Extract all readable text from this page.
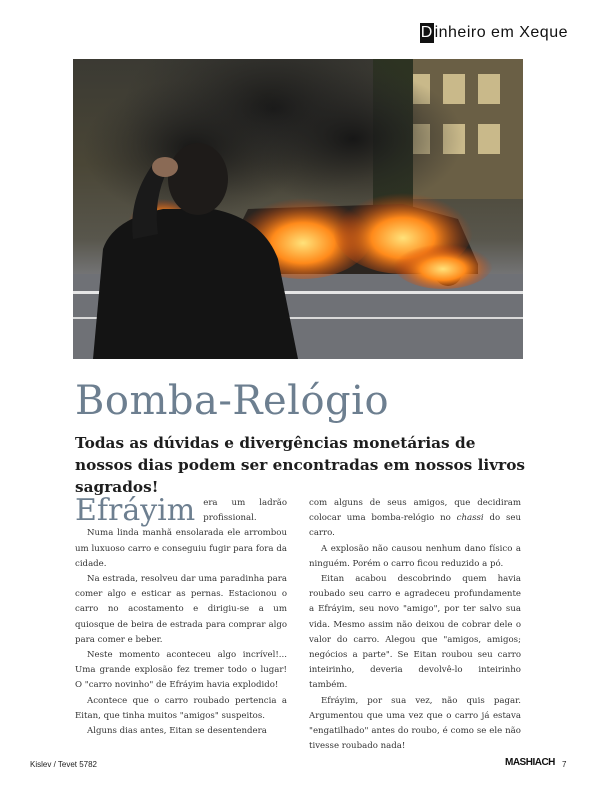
D inheiro em Xeque
Bomba-Relógio
Todas as dúvidas e divergências monetárias de nossos dias podem ser encontradas em nossos livros sagrados!

Efráyim era um ladrão profissional.

Numa linda manhã ensolarada ele arrombou um luxuoso carro e conseguiu fugir para fora da cidade.

Na estrada, resolveu dar uma paradinha para comer algo e esticar as pernas. Estacionou o carro no acostamento e dirigiu-se a um quiosque de beira de estrada para comprar algo para comer e beber.

Neste momento aconteceu algo incrível!... Uma grande explosão fez tremer todo o lugar! O "carro novinho" de Efráyim havia explodido!

Acontece que o carro roubado pertencia a Eitan, que tinha muitos "amigos" suspeitos.

Alguns dias antes, Eitan se desentendera

com alguns de seus amigos, que decidiram colocar uma bomba-relógio no chassi do seu carro.

A explosão não causou nenhum dano físico a ninguém. Porém o carro ficou reduzido a pó.

Eitan acabou descobrindo quem havia roubado seu carro e agradeceu profundamente a Efráyim, seu novo "amigo", por ter salvo sua vida. Mesmo assim não deixou de cobrar dele o valor do carro. Alegou que "amigos, amigos; negócios a parte". Se Eitan roubou seu carro inteirinho, deveria devolvê-lo inteirinho também.

Efráyim, por sua vez, não quis pagar. Argumentou que uma vez que o carro já estava "engatilhado" antes do roubo, é como se ele não tivesse roubado nada!

Kislev / Tevet 5782	MASHIACH 7
